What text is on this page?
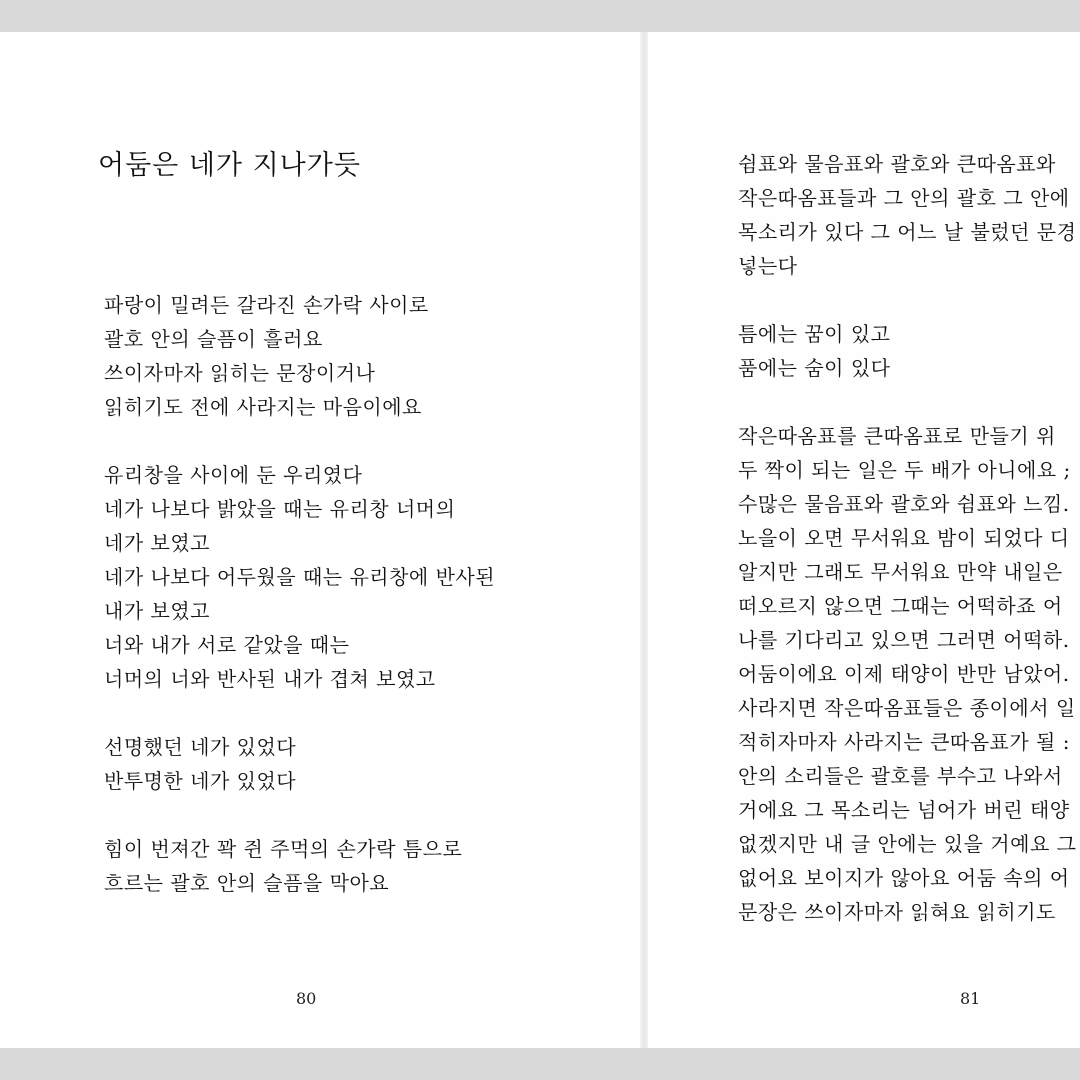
어둠은 네가 지나가듯
파랑이 밀려든 갈라진 손가락 사이로
괄호 안의 슬픔이 흘러요
쓰이자마자 읽히는 문장이거나
읽히기도 전에 사라지는 마음이에요
유리창을 사이에 둔 우리였다
네가 나보다 밝았을 때는 유리창 너머의
네가 보였고
네가 나보다 어두웠을 때는 유리창에 반사된
내가 보였고
너와 내가 서로 같았을 때는
너머의 너와 반사된 내가 겹쳐 보였고
선명했던 네가 있었다
반투명한 네가 있었다
힘이 번져간 꽉 쥔 주먹의 손가락 틈으로
흐르는 괄호 안의 슬픔을 막아요
80
쉼표와 물음표와 괄호와 큰따옴표와
작은따옴표들과 그 안의 괄호 그 안에
목소리가 있다 그 어느 날 불렀던 문경
넣는다
틈에는 꿈이 있고
품에는 숨이 있다
작은따옴표를 큰따옴표로 만들기 위
두 짝이 되는 일은 두 배가 아니에요 ;
수많은 물음표와 괄호와 쉼표와 느낌.
노을이 오면 무서워요 밤이 되었다 디
알지만 그래도 무서워요 만약 내일은
떠오르지 않으면 그때는 어떡하죠 어
나를 기다리고 있으면 그러면 어떡하.
어둠이에요 이제 태양이 반만 남았어.
사라지면 작은따옴표들은 종이에서 일
적히자마자 사라지는 큰따옴표가 될 :
안의 소리들은 괄호를 부수고 나와서
거에요 그 목소리는 넘어가 버린 태양
없겠지만 내 글 안에는 있을 거예요 그
없어요 보이지가 않아요 어둠 속의 어
문장은 쓰이자마자 읽혀요 읽히기도
81
